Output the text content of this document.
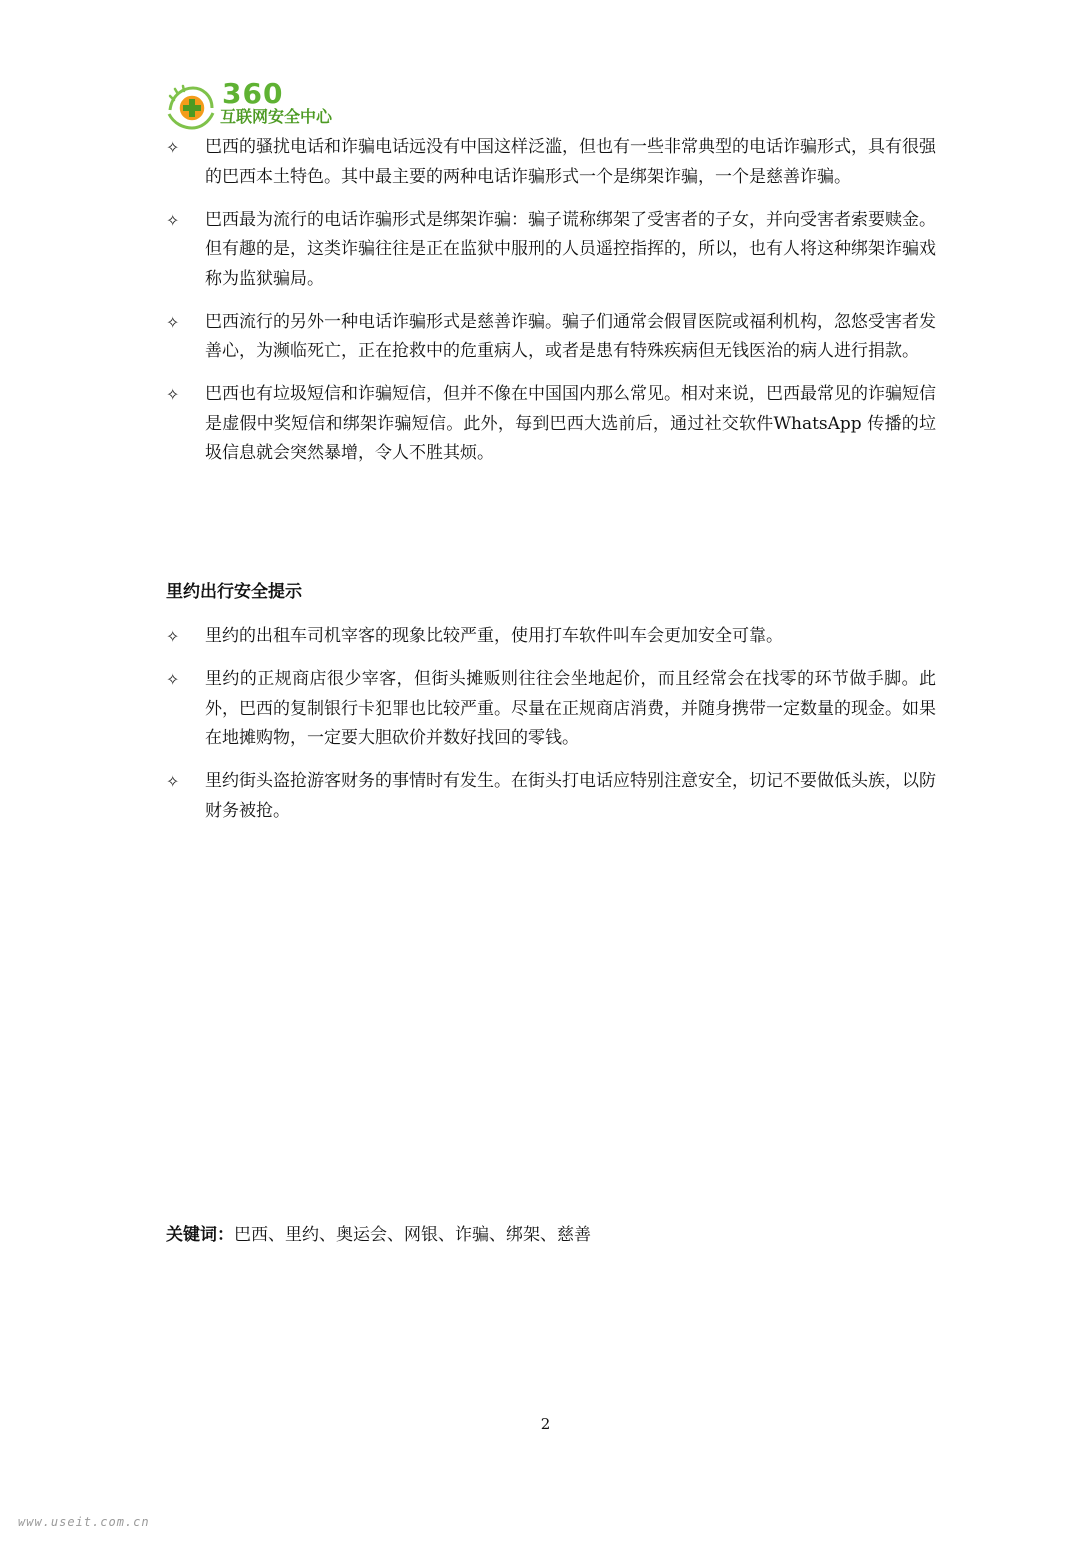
360
互联网安全中心
✧ 巴西的骚扰电话和诈骗电话远没有中国这样泛滥，但也有一些非常典型的电话诈骗形式，具有很强的巴西本土特色。其中最主要的两种电话诈骗形式一个是绑架诈骗，一个是慈善诈骗。
✧ 巴西最为流行的电话诈骗形式是绑架诈骗：骗子谎称绑架了受害者的子女，并向受害者索要赎金。但有趣的是，这类诈骗往往是正在监狱中服刑的人员遥控指挥的，所以，也有人将这种绑架诈骗戏称为监狱骗局。
✧ 巴西流行的另外一种电话诈骗形式是慈善诈骗。骗子们通常会假冒医院或福利机构，忽悠受害者发善心，为濒临死亡，正在抢救中的危重病人，或者是患有特殊疾病但无钱医治的病人进行捐款。
✧ 巴西也有垃圾短信和诈骗短信，但并不像在中国国内那么常见。相对来说，巴西最常见的诈骗短信是虚假中奖短信和绑架诈骗短信。此外，每到巴西大选前后，通过社交软件WhatsApp 传播的垃圾信息就会突然暴增，令人不胜其烦。
里约出行安全提示
✧ 里约的出租车司机宰客的现象比较严重，使用打车软件叫车会更加安全可靠。
✧ 里约的正规商店很少宰客，但街头摊贩则往往会坐地起价，而且经常会在找零的环节做手脚。此外，巴西的复制银行卡犯罪也比较严重。尽量在正规商店消费，并随身携带一定数量的现金。如果在地摊购物，一定要大胆砍价并数好找回的零钱。
✧ 里约街头盗抢游客财务的事情时有发生。在街头打电话应特别注意安全，切记不要做低头族，以防财务被抢。
关键词：巴西、里约、奥运会、网银、诈骗、绑架、慈善
2
www.useit.com.cn
